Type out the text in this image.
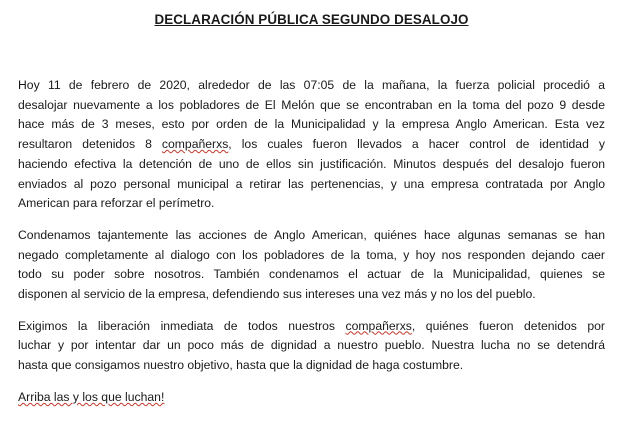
DECLARACIÓN PÚBLICA SEGUNDO DESALOJO
Hoy 11 de febrero de 2020, alrededor de las 07:05 de la mañana, la fuerza policial procedió a
desalojar nuevamente a los pobladores de El Melón que se encontraban en la toma del pozo 9 desde
hace más de 3 meses, esto por orden de la Municipalidad y la empresa Anglo American. Esta vez
resultaron detenidos 8 compañerxs, los cuales fueron llevados a hacer control de identidad y
haciendo efectiva la detención de uno de ellos sin justificación. Minutos después del desalojo fueron
enviados al pozo personal municipal a retirar las pertenencias, y una empresa contratada por Anglo
American para reforzar el perímetro.
Condenamos tajantemente las acciones de Anglo American, quiénes hace algunas semanas se han
negado completamente al dialogo con los pobladores de la toma, y hoy nos responden dejando caer
todo su poder sobre nosotros. También condenamos el actuar de la Municipalidad, quienes se
disponen al servicio de la empresa, defendiendo sus intereses una vez más y no los del pueblo.
Exigimos la liberación inmediata de todos nuestros compañerxs, quiénes fueron detenidos por
luchar y por intentar dar un poco más de dignidad a nuestro pueblo. Nuestra lucha no se detendrá
hasta que consigamos nuestro objetivo, hasta que la dignidad de haga costumbre.

Arriba las y los que luchan!
